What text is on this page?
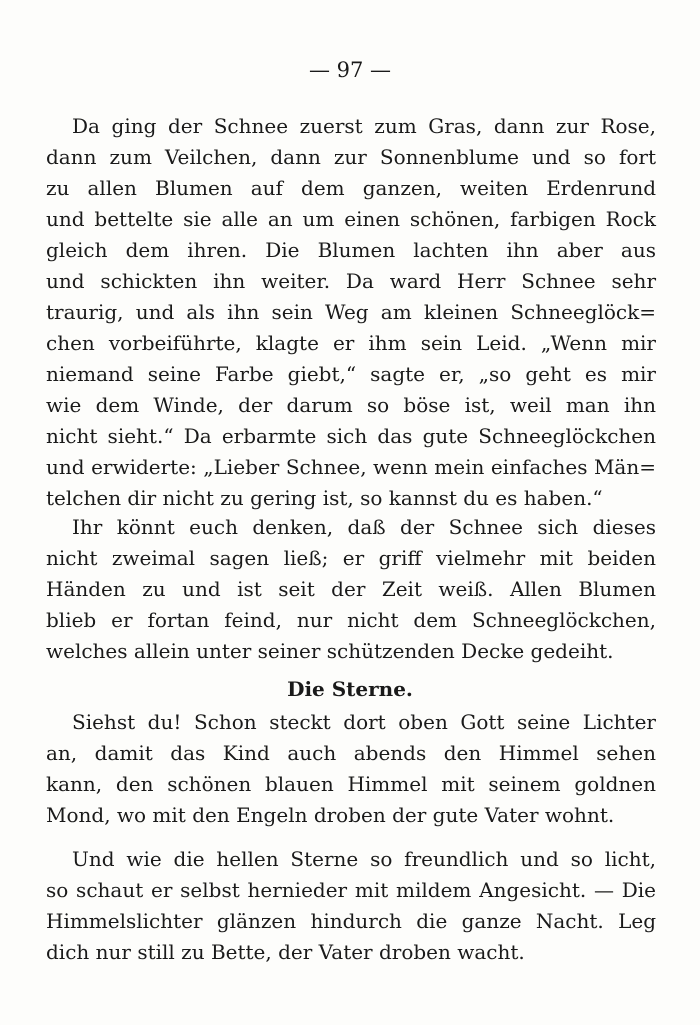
— 97 —
Da ging der Schnee zuerst zum Gras, dann zur Rose,
dann zum Veilchen, dann zur Sonnenblume und so fort
zu allen Blumen auf dem ganzen, weiten Erdenrund
und bettelte sie alle an um einen schönen, farbigen Rock
gleich dem ihren. Die Blumen lachten ihn aber aus
und schickten ihn weiter. Da ward Herr Schnee sehr
traurig, und als ihn sein Weg am kleinen Schneeglöck=
chen vorbeiführte, klagte er ihm sein Leid. „Wenn mir
niemand seine Farbe giebt,“ sagte er, „so geht es mir
wie dem Winde, der darum so böse ist, weil man ihn
nicht sieht.“ Da erbarmte sich das gute Schneeglöckchen
und erwiderte: „Lieber Schnee, wenn mein einfaches Män=
telchen dir nicht zu gering ist, so kannst du es haben.“
Ihr könnt euch denken, daß der Schnee sich dieses
nicht zweimal sagen ließ; er griff vielmehr mit beiden
Händen zu und ist seit der Zeit weiß. Allen Blumen
blieb er fortan feind, nur nicht dem Schneeglöckchen,
welches allein unter seiner schützenden Decke gedeiht.
Die Sterne.
Siehst du! Schon steckt dort oben Gott seine Lichter
an, damit das Kind auch abends den Himmel sehen
kann, den schönen blauen Himmel mit seinem goldnen
Mond, wo mit den Engeln droben der gute Vater wohnt.
Und wie die hellen Sterne so freundlich und so licht,
so schaut er selbst hernieder mit mildem Angesicht. — Die
Himmelslichter glänzen hindurch die ganze Nacht. Leg
dich nur still zu Bette, der Vater droben wacht.
